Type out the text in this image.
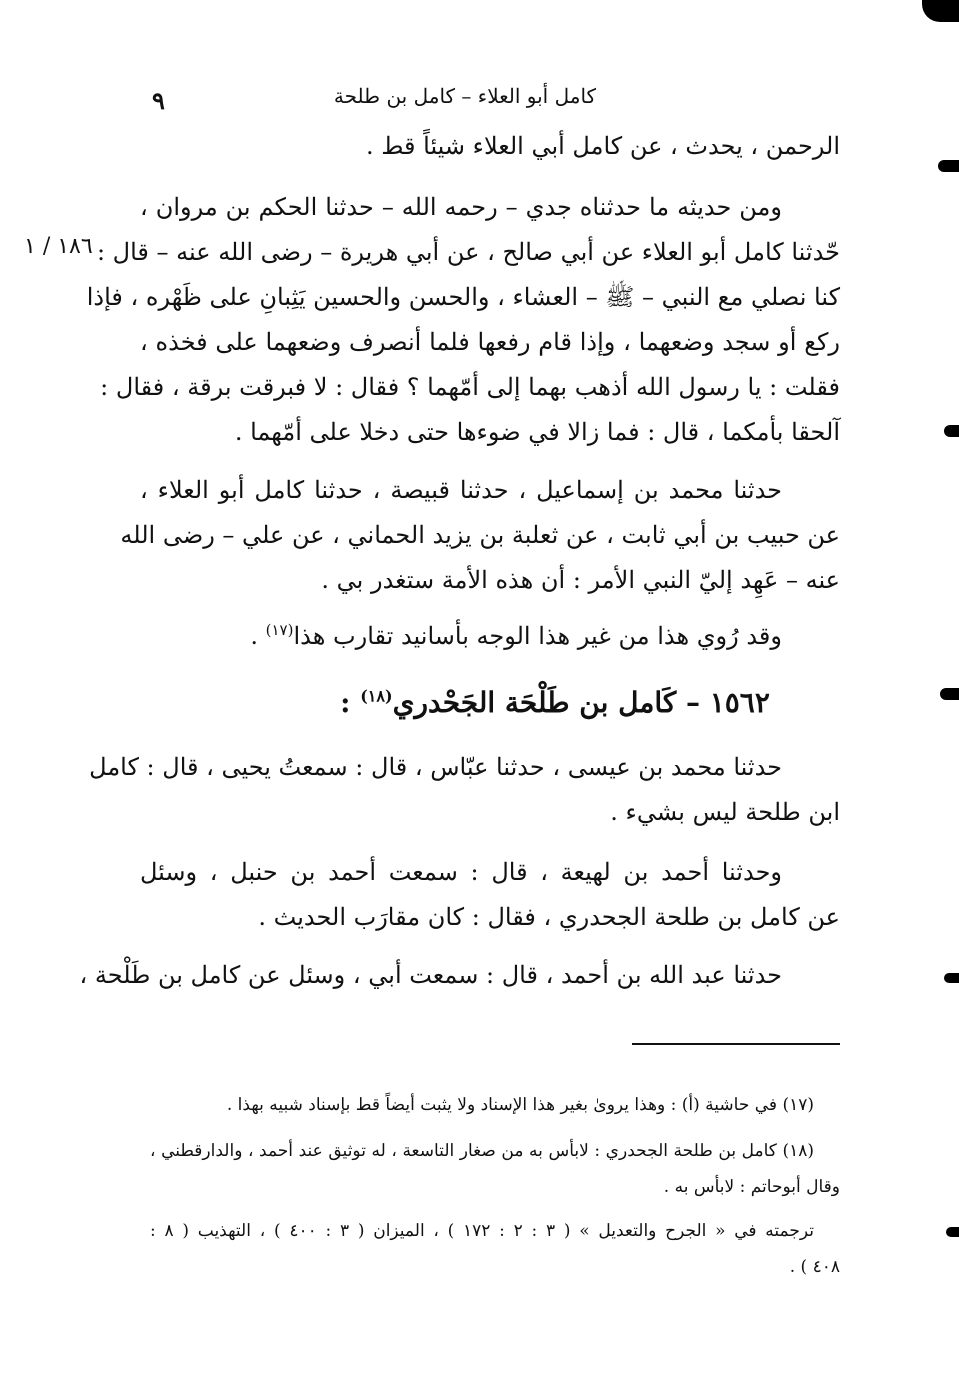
كامل أبو العلاء – كامل بن طلحة
٩
١٨٦ / ١
الرحمن ، يحدث ، عن كامل أبي العلاء شيئاً قط .
ومن حديثه ما حدثناه جدي – رحمه الله – حدثنا الحكم بن مروان ،
حّدثنا كامل أبو العلاء عن أبي صالح ، عن أبي هريرة – رضى الله عنه – قال :
كنا نصلي مع النبي – ﷺ – العشاء ، والحسن والحسين يَثِبانِ على ظَهْره ، فإذا
ركع أو سجد وضعهما ، وإذا قام رفعها فلما أنصرف وضعهما على فخذه ،
فقلت : يا رسول الله أذهب بهما إلى أمّهما ؟ فقال : لا فبرقت برقة ، فقال :
آلحقا بأمكما ، قال : فما زالا في ضوءها حتى دخلا على أمّهما .
حدثنا محمد بن إسماعيل ، حدثنا قبيصة ، حدثنا كامل أبو العلاء ،
عن حبيب بن أبي ثابت ، عن ثعلبة بن يزيد الحماني ، عن علي – رضى الله
عنه – عَهِد إليّ النبي الأمر : أن هذه الأمة ستغدر بي .
وقد رُوي هذا من غير هذا الوجه بأسانيد تقارب هذا$^{(١٧)}$ .
١٥٦٢ – كَامل بن طَلْحَة الجَحْدري$^{(١٨)}$ :
حدثنا محمد بن عيسى ، حدثنا عبّاس ، قال : سمعتُ يحيى ، قال : كامل
ابن طلحة ليس بشيء .
وحدثنا أحمد بن لهيعة ، قال : سمعت أحمد بن حنبل ، وسئل
عن كامل بن طلحة الجحدري ، فقال : كان مقارَب الحديث .
حدثنا عبد الله بن أحمد ، قال : سمعت أبي ، وسئل عن كامل بن طَلْحة ،
(١٧) في حاشية (أ) : وهذا يروىٰ بغير هذا الإسناد ولا يثبت أيضاً قط بإسناد شبيه بهذا .
(١٨) كامل بن طلحة الجحدري : لابأس به من صغار التاسعة ، له توثيق عند أحمد ، والدارقطني ،
وقال أبوحاتم : لابأس به .
ترجمته في « الجرح والتعديل » ( ٣ : ٢ : ١٧٢ ) ، الميزان ( ٣ : ٤٠٠ ) ، التهذيب ( ٨ :
٤٠٨ ) .
